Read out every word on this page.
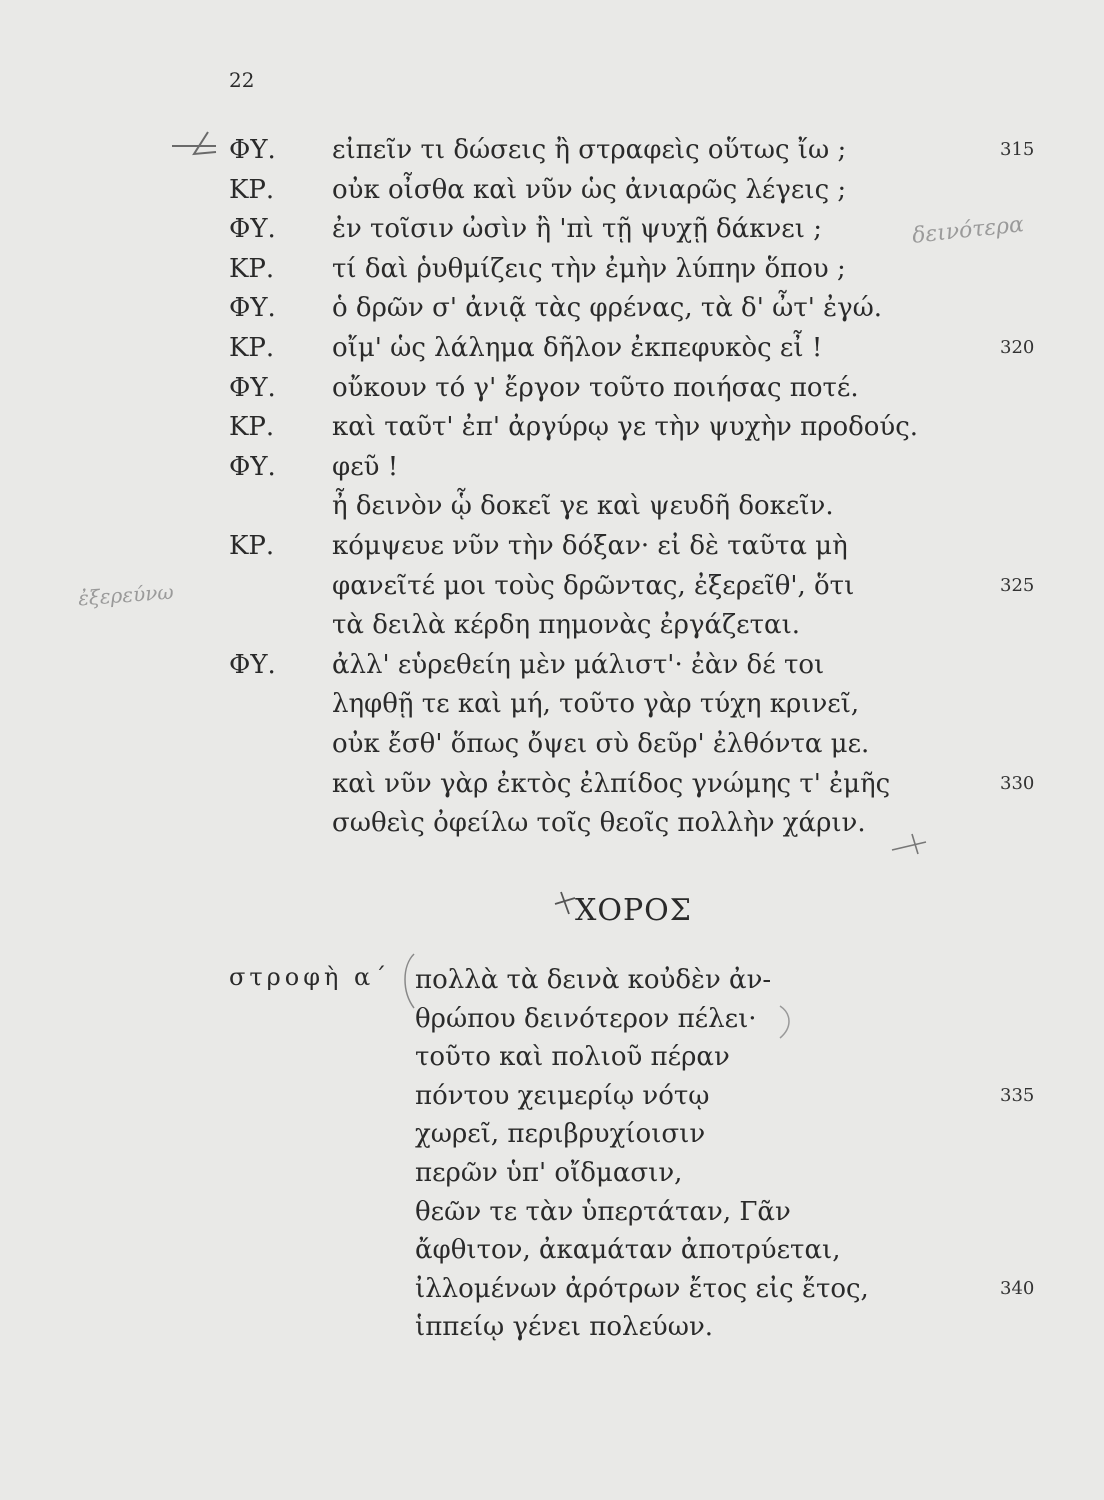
22
ΦΥ. εἰπεῖν τι δώσεις ἢ στραφεὶς οὕτως ἴω ;	315
ΚΡ. οὐκ οἶσθα καὶ νῦν ὡς ἀνιαρῶς λέγεις ;
ΦΥ. ἐν τοῖσιν ὠσὶν ἢ 'πὶ τῇ ψυχῇ δάκνει ;
ΚΡ. τί δαὶ ῥυθμίζεις τὴν ἐμὴν λύπην ὅπου ;
ΦΥ. ὁ δρῶν σ' ἀνιᾷ τὰς φρένας, τὰ δ' ὦτ' ἐγώ.
ΚΡ. οἴμ' ὡς λάλημα δῆλον ἐκπεφυκὸς εἶ !	320
ΦΥ. οὔκουν τό γ' ἔργον τοῦτο ποιήσας ποτέ.
ΚΡ. καὶ ταῦτ' ἐπ' ἀργύρῳ γε τὴν ψυχὴν προδούς.
ΦΥ. φεῦ !
ἦ δεινὸν ᾧ δοκεῖ γε καὶ ψευδῆ δοκεῖν.
ΚΡ. κόμψευε νῦν τὴν δόξαν· εἰ δὲ ταῦτα μὴ
φανεῖτέ μοι τοὺς δρῶντας, ἐξερεῖθ', ὅτι	325
τὰ δειλὰ κέρδη πημονὰς ἐργάζεται.
ΦΥ. ἀλλ' εὑρεθείη μὲν μάλιστ'· ἐὰν δέ τοι
ληφθῇ τε καὶ μή, τοῦτο γὰρ τύχη κρινεῖ,
οὐκ ἔσθ' ὅπως ὄψει σὺ δεῦρ' ἐλθόντα με.
καὶ νῦν γὰρ ἐκτὸς ἐλπίδος γνώμης τ' ἐμῆς	330
σωθεὶς ὀφείλω τοῖς θεοῖς πολλὴν χάριν.
δεινότερα
ἐξερεύνω
ΧΟΡΟΣ
στροφὴ α΄ πολλὰ τὰ δεινὰ κοὐδὲν ἀν-
θρώπου δεινότερον πέλει·
τοῦτο καὶ πολιοῦ πέραν
πόντου χειμερίῳ νότῳ	335
χωρεῖ, περιβρυχίοισιν
περῶν ὑπ' οἴδμασιν,
θεῶν τε τὰν ὑπερτάταν, Γᾶν
ἄφθιτον, ἀκαμάταν ἀποτρύεται,
ἰλλομένων ἀρότρων ἔτος εἰς ἔτος,	340
ἱππείῳ γένει πολεύων.
